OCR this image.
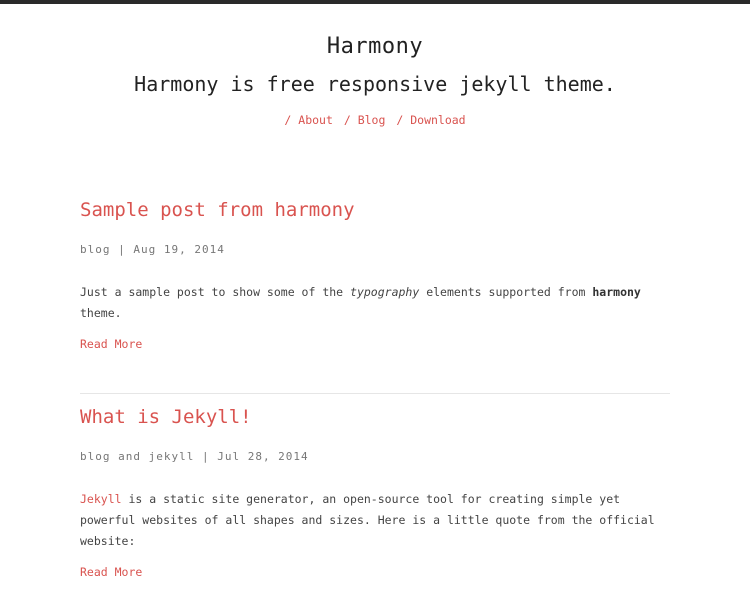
Harmony
Harmony is free responsive jekyll theme.
/ About / Blog / Download
Sample post from harmony
blog | Aug 19, 2014
Just a sample post to show some of the typography elements supported from harmony theme.
Read More
What is Jekyll!
blog and jekyll | Jul 28, 2014
Jekyll is a static site generator, an open-source tool for creating simple yet powerful websites of all shapes and sizes. Here is a little quote from the official website:
Read More
